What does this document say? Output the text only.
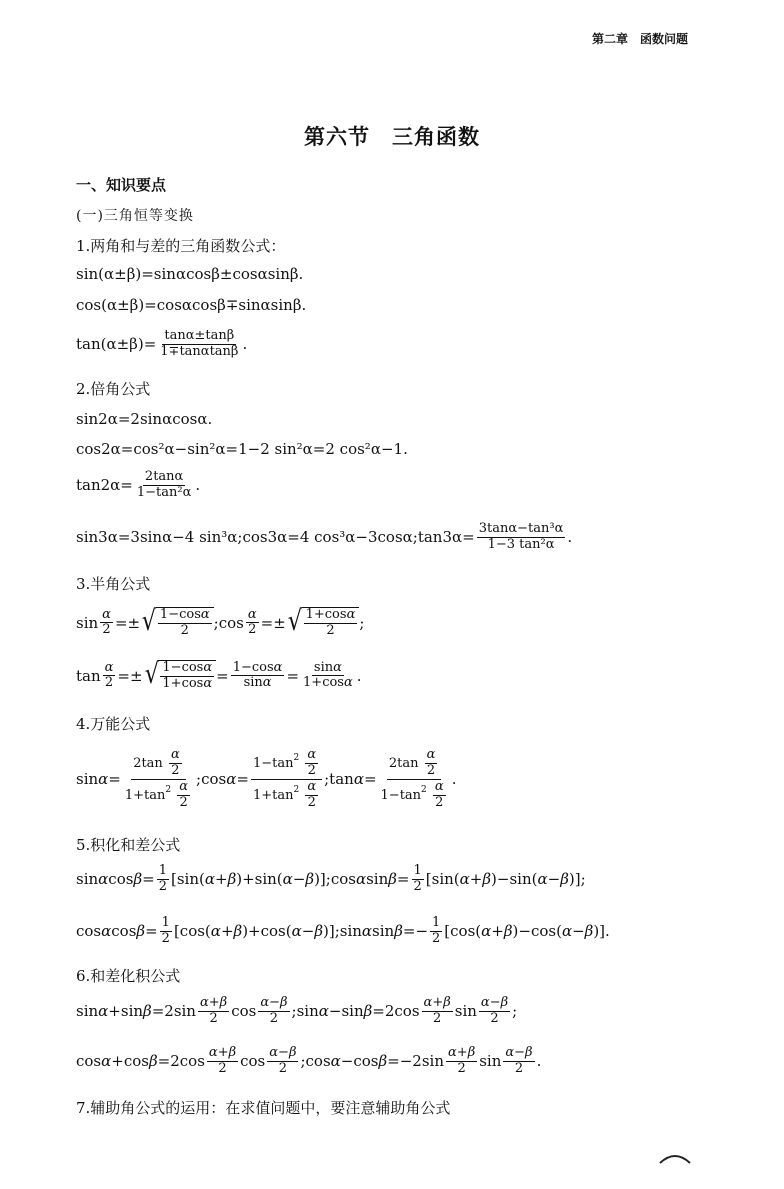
第二章　函数问题
第六节　三角函数
一、知识要点
(一)三角恒等变换
1.两角和与差的三角函数公式：
sin(α±β)=sinαcosβ±cosαsinβ.
cos(α±β)=cosαcosβ∓sinαsinβ.
$\tan(\alpha\pm\beta)= \frac{\tan\alpha\pm\tan\beta}{1\mp\tan\alpha\tan\beta}$ .
2.倍角公式
sin2α=2sinαcosα.
cos2α=cos²α−sin²α=1−2 sin²α=2 cos²α−1.
$\tan 2\alpha= \frac{2\tan\alpha}{\text{1−tan²α}}$ .
sin3α=3sinα−4 sin³α;cos3α=4 cos³α−3cosα;tan3α= $\frac{\text{3tanα−tan³α}}{\text{1−3 tan²α}}$ .
3.半角公式
$\sin \frac{\alpha}{2}$ =± √ $\frac{1-\cos\alpha}{2}$ ;cos $\frac{\alpha}{2}$ =± √ $\frac{1+\cos\alpha}{2}$ ;
$\tan \frac{\alpha}{2}$ =± √ $\frac{1-\cos\alpha}{1+\cos\alpha} = \frac{1-\cos\alpha}{\sin\alpha} = \frac{\sin\alpha}{1+\cos\alpha}$ .
4.万能公式
$\sin\alpha= \frac{2\tan \frac{\alpha}{2}}{1+\tan^2 \frac{\alpha}{2}}$ ;cosα= $\frac{1-\tan^2 \frac{\alpha}{2}}{1+\tan^2 \frac{\alpha}{2}}$ ;tanα= $\frac{2\tan \frac{\alpha}{2}}{1-\tan^2 \frac{\alpha}{2}}$ .
5.积化和差公式
$\sin\alpha\cos\beta= \frac{1}{2}$ [sin(α+β)+sin(α−β)];cosαsinβ= $\frac{1}{2} [\sin(\alpha+\beta)-\sin(\alpha-\beta)]$;
$\cos\alpha\cos\beta= \frac{1}{2}$ [cos(α+β)+cos(α−β)];sinαsinβ=− $\frac{1}{2} [\cos(\alpha+\beta)-\cos(\alpha-\beta)]$.
6.和差化积公式
$\sin\alpha+\sin\beta=2\sin \frac{\alpha+\beta}{2}$ $\cos \frac{\alpha-\beta}{2}$ ;sinα−sinβ=2cos $\frac{\alpha+\beta}{2}$ $\sin \frac{\alpha-\beta}{2}$ ;
$\cos\alpha+\cos\beta=2\cos \frac{\alpha+\beta}{2}$ $\cos \frac{\alpha-\beta}{2}$ ;cosα−cosβ=−2sin $\frac{\alpha+\beta}{2}$ $\sin \frac{\alpha-\beta}{2}$ .
7.辅助角公式的运用：在求值问题中，要注意辅助角公式
